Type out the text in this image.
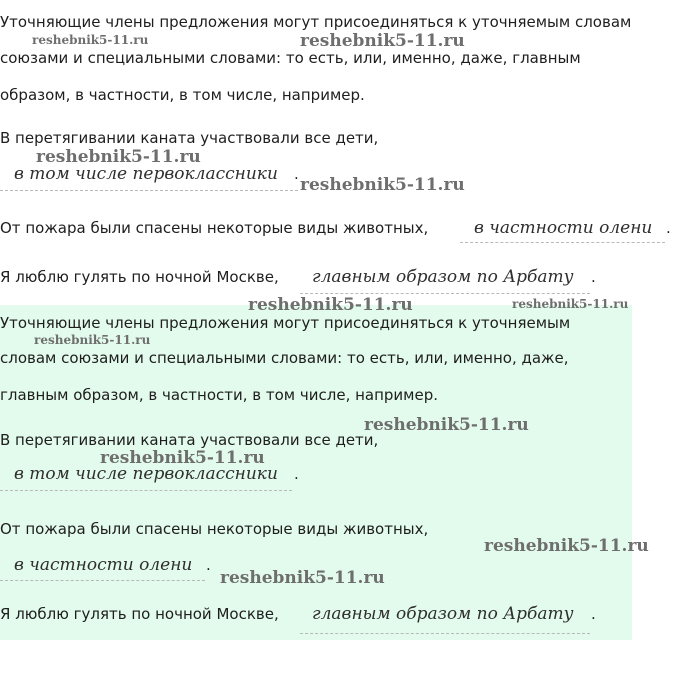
Уточняющие члены предложения могут присоединяться к уточняемым словам
союзами и специальными словами: то есть, или, именно, даже, главным
образом, в частности, в том числе, например.
В перетягивании каната участвовали все дети,
в том числе первоклассники .
От пожара были спасены некоторые виды животных,	в частности олени .
Я люблю гулять по ночной Москве, главным образом по Арбату .
Уточняющие члены предложения могут присоединяться к уточняемым
словам союзами и специальными словами: то есть, или, именно, даже,
главным образом, в частности, в том числе, например.
В перетягивании каната участвовали все дети,
в том числе первоклассники .
От пожара были спасены некоторые виды животных,
в частности олени .
Я люблю гулять по ночной Москве, главным образом по Арбату .
reshebnik5-11.ru	reshebnik5-11.ru
reshebnik5-11.ru
reshebnik5-11.ru
reshebnik5-11.ru	reshebnik5-11.ru
reshebnik5-11.ru
reshebnik5-11.ru
reshebnik5-11.ru
reshebnik5-11.ru
reshebnik5-11.ru
